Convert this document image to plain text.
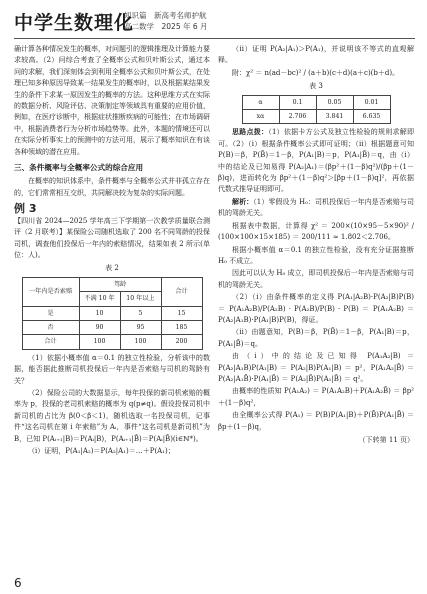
中学生数理化
知识篇　新高考名师护航
高二数学　2025 年 6 月

确计算各种情况发生的概率，对问题引的逻辑推理及计算能力要求较高。（2）问综合考查了全概率公式和贝叶斯公式，通过本问的求解，我们深刻体会到利用全概率公式和贝叶斯公式，在处理已知多种原因导致某一结果发生的概率时，以及根据某结果发生的条件下求某一原因发生的概率的方法。这种思维方式在实际的数据分析、风险评估、决策制定等领域具有重要的应用价值，例如，在医疗诊断中，根据症状推断疾病的可能性；在市场调研中，根据消费者行为分析市场趋势等。此外，本题的情境还可以在实际分析事实上的预测中的方法可用，展示了概率知识在有谈各种领域的潜在应用。

三、条件概率与全概率公式的综合应用

在概率的知识体系中，条件概率与全概率公式并非孤立存在的，它们常常相互交织，共同解决较为复杂的实际问题。

例 3

【四川省 2024—2025 学年高三下学期第一次教学质量联合测评（2 月联考）】某保险公司随机选取了 200 名不同驾龄的投保司机，调查他们投保后一年内的索赔情况，结果如表 2 所示(单位：人)。

表 2
一年内是否索赔	驾龄		合计
	不满 10 年	10 年以上	
是	10	5	15
否	90	95	185
合计	100	100	200

（1）依据小概率值 α＝0.1 的独立性检验，分析该中的数据，能否据此推断司机投保后一年内是否索赔与司机的驾龄有关？

（2）保险公司的大数据显示，每年投保的新司机索赔的概率为 p，投保的老司机索赔的概率为 q(p≠q)。假设投保司机中新司机的占比为 β(0＜β＜1)，随机选取一名投保司机，记事件“这名司机在第 i 年索赔”为 Aᵢ，事件“这名司机是新司机”为 B，已知 P(Aᵢ₊₁|B)＝P(Aᵢ|B)，P(Aᵢ₊₁|B̄)＝P(Aᵢ|B̄)(i∈ℕ*)。

（i）证明，P(A₁|A₂)＝P(A₂|A₁)＝…＋P(A₁)；

（ii）证明 P(A₂|A₁)＞P(A₁)，并说明该不等式的直观解释。

附：χ² ＝ n(ad－bc)² / (a＋b)(c＋d)(a＋c)(b＋d)。

表 3
α	0.1	0.05	0.01
xα	2.706	3.841	6.635

思路点拨：（1）依据卡方公式及独立性检验的规则求解即可。（2）（i）根据条件概率公式即可证明；（ii）根据题意可知 P(B)＝β，P(B̄)＝1－β，P(A₁|B)＝p，P(A₁|B̄)＝q，由（i）中的结论及已知易得 P(A₂|A₁)＝(βp²＋(1－β)q²)/(βp＋(1－β)q)，进而转化为 βp²＋(1－β)q²＞[βp＋(1－β)q]²，再依据代数式推导证明即可。

解析：（1）零假设为 H₀：司机投保后一年内是否索赔与司机的驾龄无关。

根据表中数据，计算得 χ² ＝ 200×(10×95－5×90)² / (100×100×15×185) ＝ 200/111 ≈ 1.802＜2.706。

根据小概率值 α＝0.1 的独立性检验，没有充分证据推断 H₀ 不成立。

因此可以认为 H₀ 成立，即司机投保后一年内是否索赔与司机的驾龄无关。

（2）（i）由条件概率的定义得 P(A₁|A₂B)·P(A₂|B)P(B) ＝ P(A₁A₂B)/P(A₂B) · P(A₂B)/P(B) · P(B) ＝ P(A₁A₂B) ＝ P(A₂|A₁B)·P(A₁|B)P(B)，得证。

（ii）由题意知，P(B)＝β，P(B̄)＝1－β，P(A₁|B)＝p，P(A₁|B̄)＝q。

由（i）中的结论及已知得 P(A₁A₂|B) ＝ P(A₂|A₁B)P(A₁|B) ＝ P(A₂|B)P(A₁|B) ＝ p²，P(A₁A₂|B̄) ＝ P(A₂|A₁B̄)·P(A₁|B̄) ＝ P(A₂|B̄)P(A₁|B̄) ＝ q²。

由概率的性质知 P(A₁A₂) ＝ P(A₁A₂B)＋P(A₁A₂B̄) ＝ βp²＋(1－β)q²，

由全概率公式得 P(A₁) ＝ P(B)P(A₁|B)＋P(B̄)P(A₁|B̄) ＝ βp＋(1－β)q，

（下转第 11 页）
6
